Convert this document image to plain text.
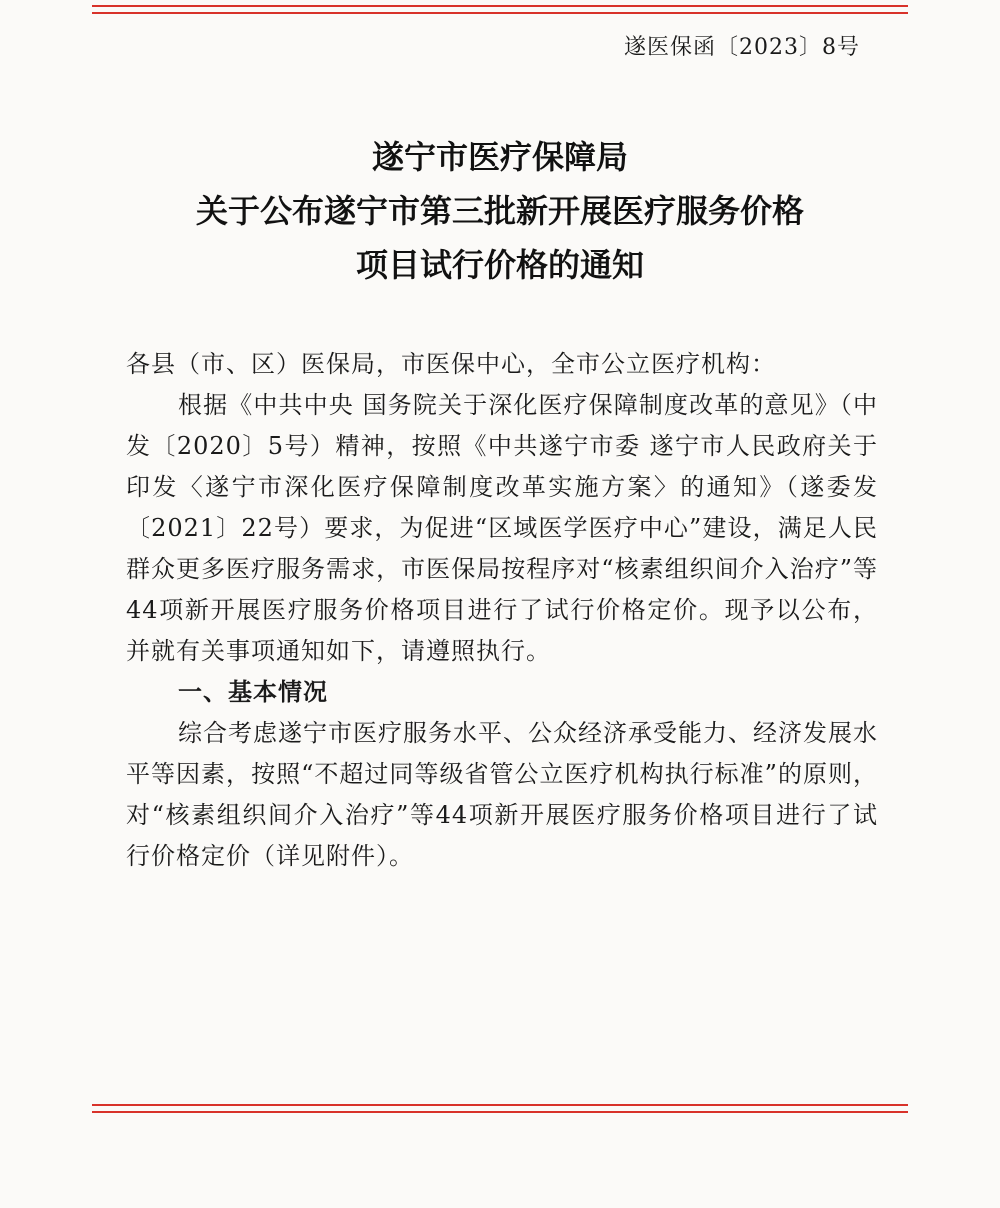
遂医保函〔2023〕8号
遂宁市医疗保障局
关于公布遂宁市第三批新开展医疗服务价格
项目试行价格的通知

各县（市、区）医保局，市医保中心，全市公立医疗机构：

根据《中共中央 国务院关于深化医疗保障制度改革的意见》（中发〔2020〕5号）精神，按照《中共遂宁市委 遂宁市人民政府关于印发〈遂宁市深化医疗保障制度改革实施方案〉的通知》（遂委发〔2021〕22号）要求，为促进“区域医学医疗中心”建设，满足人民群众更多医疗服务需求，市医保局按程序对“核素组织间介入治疗”等44项新开展医疗服务价格项目进行了试行价格定价。现予以公布，并就有关事项通知如下，请遵照执行。

一、基本情况

综合考虑遂宁市医疗服务水平、公众经济承受能力、经济发展水平等因素，按照“不超过同等级省管公立医疗机构执行标准”的原则，对“核素组织间介入治疗”等44项新开展医疗服务价格项目进行了试行价格定价（详见附件）。
